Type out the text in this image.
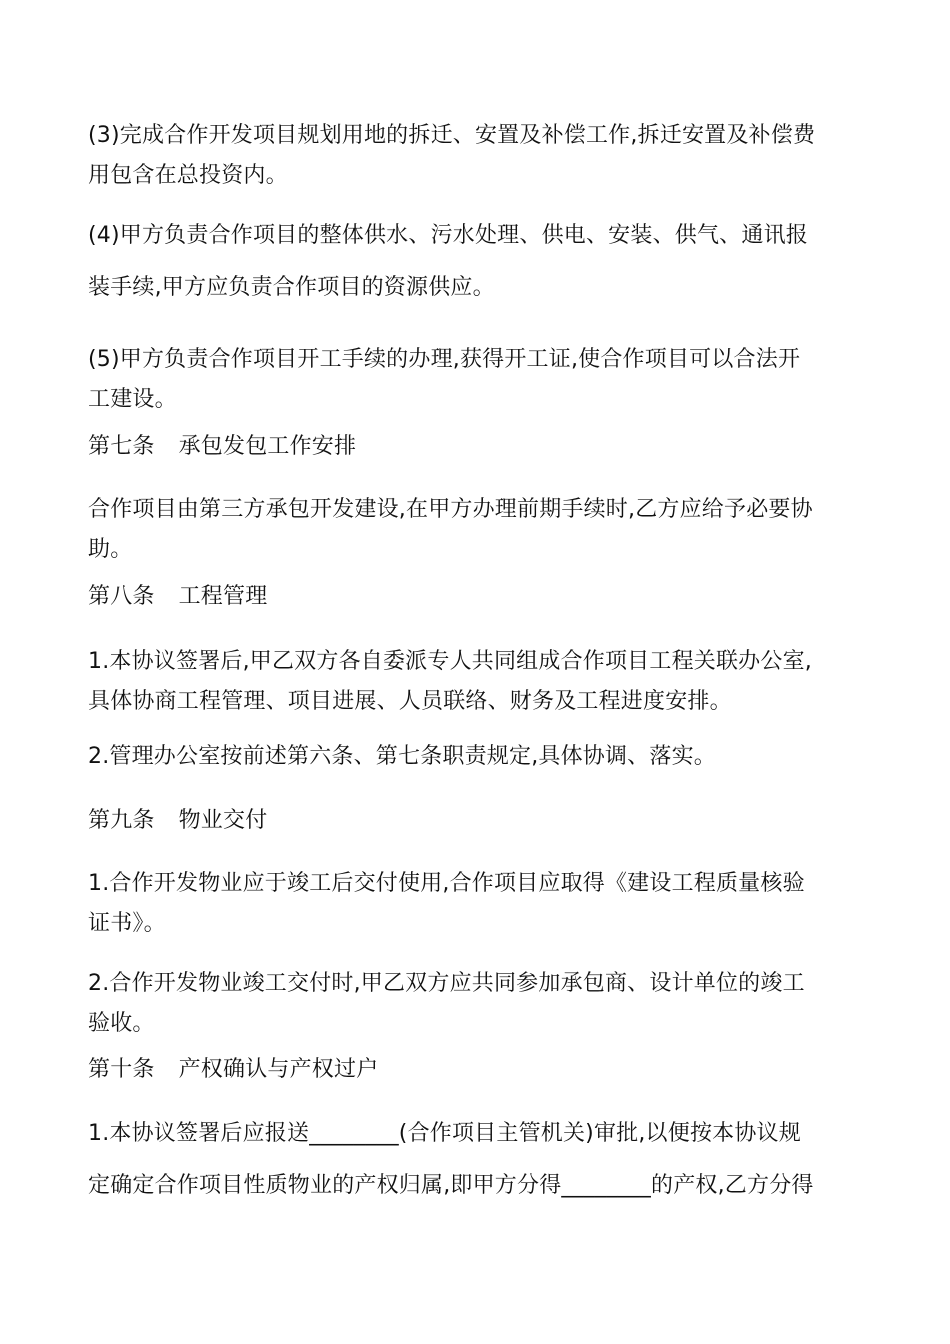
(3)完成合作开发项目规划用地的拆迁、安置及补偿工作,拆迁安置及补偿费
用包含在总投资内。
(4)甲方负责合作项目的整体供水、污水处理、供电、安装、供气、通讯报
装手续,甲方应负责合作项目的资源供应。
(5)甲方负责合作项目开工手续的办理,获得开工证,使合作项目可以合法开
工建设。
第七条 承包发包工作安排
合作项目由第三方承包开发建设,在甲方办理前期手续时,乙方应给予必要协
助。
第八条 工程管理
1.本协议签署后,甲乙双方各自委派专人共同组成合作项目工程关联办公室,
具体协商工程管理、项目进展、人员联络、财务及工程进度安排。
2.管理办公室按前述第六条、第七条职责规定,具体协调、落实。
第九条 物业交付
1.合作开发物业应于竣工后交付使用,合作项目应取得《建设工程质量核验
证书》。
2.合作开发物业竣工交付时,甲乙双方应共同参加承包商、设计单位的竣工
验收。
第十条 产权确认与产权过户
1.本协议签署后应报送________(合作项目主管机关)审批,以便按本协议规
定确定合作项目性质物业的产权归属,即甲方分得________的产权,乙方分得
